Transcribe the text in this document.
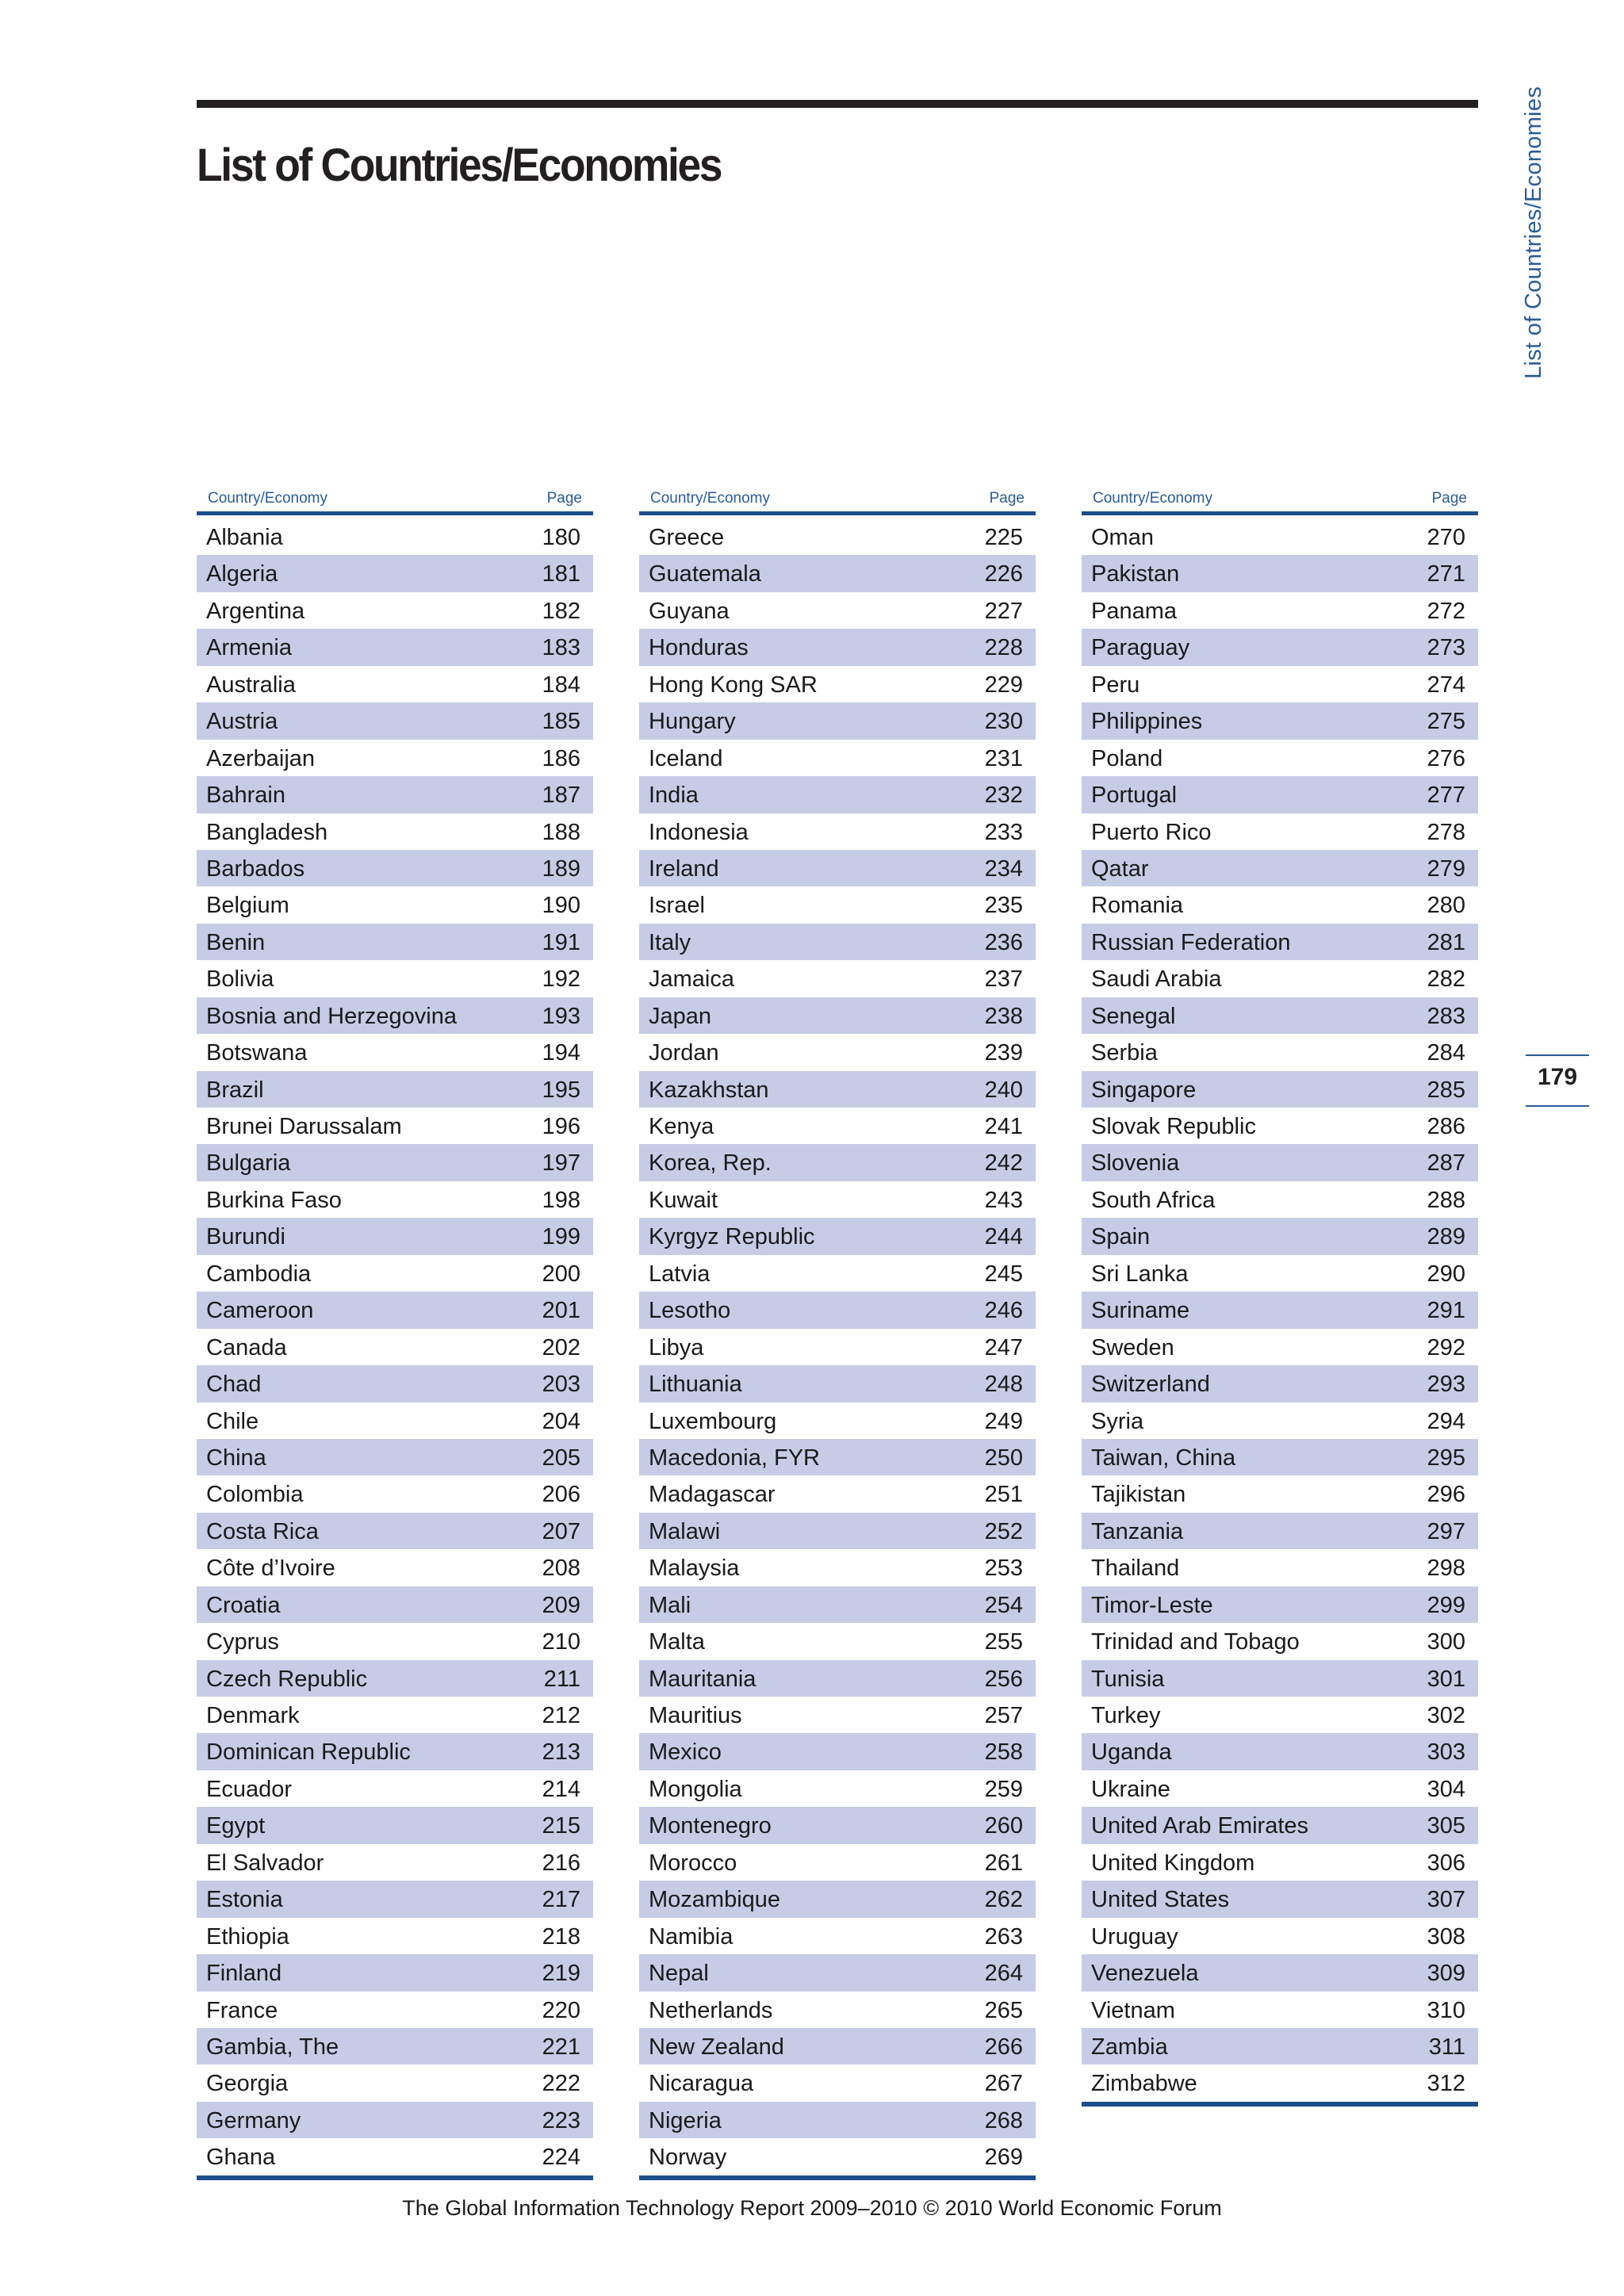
List of Countries/Economies	List of Countries/Economies
179
Country/Economy	Page
Albania	180
Algeria	181
Argentina	182
Armenia	183
Australia	184
Austria	185
Azerbaijan	186
Bahrain	187
Bangladesh	188
Barbados	189
Belgium	190
Benin	191
Bolivia	192
Bosnia and Herzegovina	193
Botswana	194
Brazil	195
Brunei Darussalam	196
Bulgaria	197
Burkina Faso	198
Burundi	199
Cambodia	200
Cameroon	201
Canada	202
Chad	203
Chile	204
China	205
Colombia	206
Costa Rica	207
Côte d’Ivoire	208
Croatia	209
Cyprus	210
Czech Republic	211
Denmark	212
Dominican Republic	213
Ecuador	214
Egypt	215
El Salvador	216
Estonia	217
Ethiopia	218
Finland	219
France	220
Gambia, The	221
Georgia	222
Germany	223
Ghana	224
Country/Economy	Page
Greece	225
Guatemala	226
Guyana	227
Honduras	228
Hong Kong SAR	229
Hungary	230
Iceland	231
India	232
Indonesia	233
Ireland	234
Israel	235
Italy	236
Jamaica	237
Japan	238
Jordan	239
Kazakhstan	240
Kenya	241
Korea, Rep.	242
Kuwait	243
Kyrgyz Republic	244
Latvia	245
Lesotho	246
Libya	247
Lithuania	248
Luxembourg	249
Macedonia, FYR	250
Madagascar	251
Malawi	252
Malaysia	253
Mali	254
Malta	255
Mauritania	256
Mauritius	257
Mexico	258
Mongolia	259
Montenegro	260
Morocco	261
Mozambique	262
Namibia	263
Nepal	264
Netherlands	265
New Zealand	266
Nicaragua	267
Nigeria	268
Norway	269
Country/Economy	Page
Oman	270
Pakistan	271
Panama	272
Paraguay	273
Peru	274
Philippines	275
Poland	276
Portugal	277
Puerto Rico	278
Qatar	279
Romania	280
Russian Federation	281
Saudi Arabia	282
Senegal	283
Serbia	284
Singapore	285
Slovak Republic	286
Slovenia	287
South Africa	288
Spain	289
Sri Lanka	290
Suriname	291
Sweden	292
Switzerland	293
Syria	294
Taiwan, China	295
Tajikistan	296
Tanzania	297
Thailand	298
Timor-Leste	299
Trinidad and Tobago	300
Tunisia	301
Turkey	302
Uganda	303
Ukraine	304
United Arab Emirates	305
United Kingdom	306
United States	307
Uruguay	308
Venezuela	309
Vietnam	310
Zambia	311
Zimbabwe	312
The Global Information Technology Report 2009–2010 © 2010 World Economic Forum
